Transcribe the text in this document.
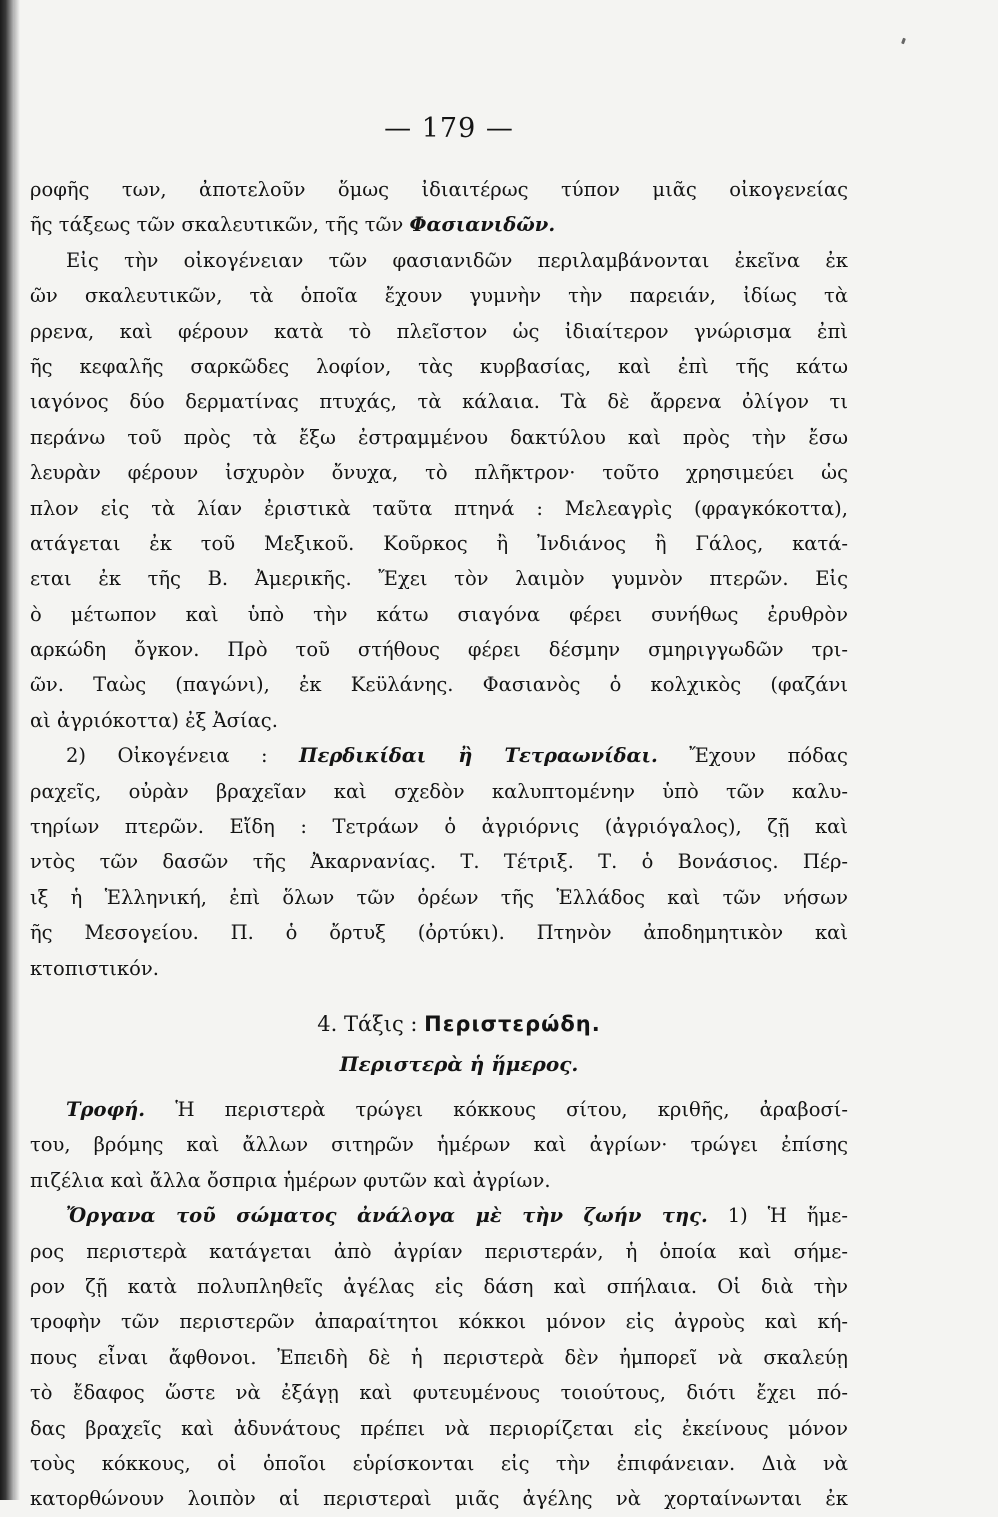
— 179 —
ροφῆς των, ἀποτελοῦν ὅμως ἰδιαιτέρως τύπον μιᾶς οἰκογενείας
ῆς τάξεως τῶν σκαλευτικῶν, τῆς τῶν Φασιανιδῶν.
Εἰς τὴν οἰκογένειαν τῶν φασιανιδῶν περιλαμβάνονται ἐκεῖνα ἐκ
ῶν σκαλευτικῶν, τὰ ὁποῖα ἔχουν γυμνὴν τὴν παρειάν, ἰδίως τὰ
ρρενα, καὶ φέρουν κατὰ τὸ πλεῖστον ὡς ἰδιαίτερον γνώρισμα ἐπὶ
ῆς κεφαλῆς σαρκῶδες λοφίον, τὰς κυρβασίας, καὶ ἐπὶ τῆς κάτω
ιαγόνος δύο δερματίνας πτυχάς, τὰ κάλαια. Τὰ δὲ ἄρρενα ὀλίγον τι
περάνω τοῦ πρὸς τὰ ἔξω ἐστραμμένου δακτύλου καὶ πρὸς τὴν ἔσω
λευρὰν φέρουν ἰσχυρὸν ὄνυχα, τὸ πλῆκτρον· τοῦτο χρησιμεύει ὡς
πλον εἰς τὰ λίαν ἐριστικὰ ταῦτα πτηνά : Μελεαγρὶς (φραγκόκοττα),
ατάγεται ἐκ τοῦ Μεξικοῦ. Κοῦρκος ἢ Ἰνδιάνος ἢ Γάλος, κατά-
εται ἐκ τῆς Β. Ἀμερικῆς. Ἔχει τὸν λαιμὸν γυμνὸν πτερῶν. Εἰς
ὸ μέτωπον καὶ ὑπὸ τὴν κάτω σιαγόνα φέρει συνήθως ἐρυθρὸν
αρκώδη ὄγκον. Πρὸ τοῦ στήθους φέρει δέσμην σμηριγγωδῶν τρι-
ῶν. Ταὼς (παγώνι), ἐκ Κεϋλάνης. Φασιανὸς ὁ κολχικὸς (φαζάνι
αὶ ἀγριόκοττα) ἐξ Ἀσίας.
2) Οἰκογένεια : Περδικίδαι ἢ Τετραωνίδαι. Ἔχουν πόδας
ραχεῖς, οὐρὰν βραχεῖαν καὶ σχεδὸν καλυπτομένην ὑπὸ τῶν καλυ-
τηρίων πτερῶν. Εἴδη : Τετράων ὁ ἀγριόρνις (ἀγριόγαλος), ζῇ καὶ
ντὸς τῶν δασῶν τῆς Ἀκαρνανίας. Τ. Τέτριξ. Τ. ὁ Βονάσιος. Πέρ-
ιξ ἡ Ἑλληνική, ἐπὶ ὅλων τῶν ὀρέων τῆς Ἑλλάδος καὶ τῶν νήσων
ῆς Μεσογείου. Π. ὁ ὄρτυξ (ὀρτύκι). Πτηνὸν ἀποδημητικὸν καὶ
κτοπιστικόν.
4. Τάξις : Περιστερώδη.
Περιστερὰ ἡ ἥμερος.
Τροφή. Ἡ περιστερὰ τρώγει κόκκους σίτου, κριθῆς, ἀραβοσί-
του, βρόμης καὶ ἄλλων σιτηρῶν ἡμέρων καὶ ἀγρίων· τρώγει ἐπίσης
πιζέλια καὶ ἄλλα ὄσπρια ἡμέρων φυτῶν καὶ ἀγρίων.
Ὄργανα τοῦ σώματος ἀνάλογα μὲ τὴν ζωήν της. 1) Ἡ ἥμε-
ρος περιστερὰ κατάγεται ἀπὸ ἀγρίαν περιστεράν, ἡ ὁποία καὶ σήμε-
ρον ζῇ κατὰ πολυπληθεῖς ἀγέλας εἰς δάση καὶ σπήλαια. Οἱ διὰ τὴν
τροφὴν τῶν περιστερῶν ἀπαραίτητοι κόκκοι μόνον εἰς ἀγροὺς καὶ κή-
πους εἶναι ἄφθονοι. Ἐπειδὴ δὲ ἡ περιστερὰ δὲν ἠμπορεῖ νὰ σκαλεύῃ
τὸ ἔδαφος ὥστε νὰ ἐξάγῃ καὶ φυτευμένους τοιούτους, διότι ἔχει πό-
δας βραχεῖς καὶ ἀδυνάτους πρέπει νὰ περιορίζεται εἰς ἐκείνους μόνον
τοὺς κόκκους, οἱ ὁποῖοι εὑρίσκονται εἰς τὴν ἐπιφάνειαν. Διὰ νὰ
κατορθώνουν λοιπὸν αἱ περιστεραὶ μιᾶς ἀγέλης νὰ χορταίνωνται ἐκ
